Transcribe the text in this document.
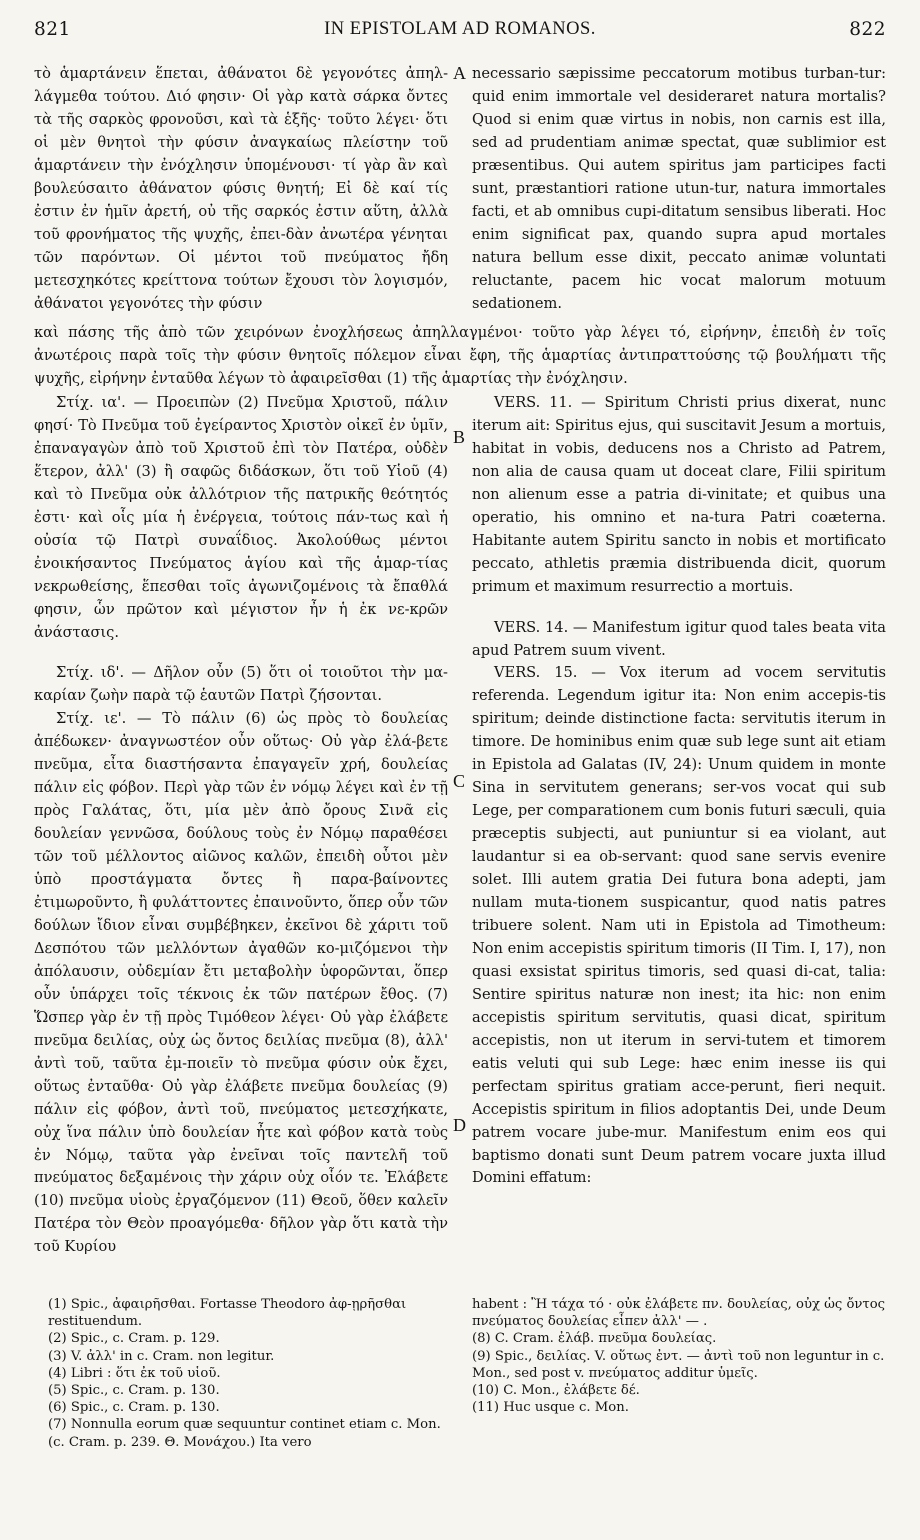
821	IN EPISTOLAM AD ROMANOS.	822

τὸ ἁμαρτάνειν ἕπεται, ἀθάνατοι δὲ γεγονότες ἀπηλ-λάγμεθα τούτου. Διό φησιν· Οἱ γὰρ κατὰ σάρκα ὄντες τὰ τῆς σαρκὸς φρονοῦσι, καὶ τὰ ἑξῆς· τοῦτο λέγει· ὅτι οἱ μὲν θνητοὶ τὴν φύσιν ἀναγκαίως πλείστην τοῦ ἁμαρτάνειν τὴν ἐνόχλησιν ὑπομένουσι· τί γὰρ ἂν καὶ βουλεύσαιτο ἀθάνατον φύσις θνητή; Εἰ δὲ καί τίς ἐστιν ἐν ἡμῖν ἀρετή, οὐ τῆς σαρκός ἐστιν αὕτη, ἀλλὰ τοῦ φρονήματος τῆς ψυχῆς, ἐπει-δὰν ἀνωτέρα γένηται τῶν παρόντων. Οἱ μέντοι τοῦ πνεύματος ἤδη μετεσχηκότες κρείττονα τούτων ἔχουσι τὸν λογισμόν, ἀθάνατοι γεγονότες τὴν φύσιν

necessario sæpissime peccatorum motibus turban-tur: quid enim immortale vel desideraret natura mortalis? Quod si enim quæ virtus in nobis, non carnis est illa, sed ad prudentiam animæ spectat, quæ sublimior est præsentibus. Qui autem spiritus jam participes facti sunt, præstantiori ratione utun-tur, natura immortales facti, et ab omnibus cupi-ditatum sensibus liberati. Hoc enim significat pax, quando supra apud mortales natura bellum esse dixit, peccato animæ voluntati reluctante, pacem hic vocat malorum motuum sedationem.

καὶ πάσης τῆς ἀπὸ τῶν χειρόνων ἐνοχλήσεως ἀπηλλαγμένοι· τοῦτο γὰρ λέγει τό, εἰρήνην, ἐπειδὴ ἐν τοῖς ἀνωτέροις παρὰ τοῖς τὴν φύσιν θνητοῖς πόλεμον εἶναι ἔφη, τῆς ἁμαρτίας ἀντιπραττούσης τῷ βουλήματι τῆς ψυχῆς, εἰρήνην ἐνταῦθα λέγων τὸ ἀφαιρεῖσθαι (1) τῆς ἁμαρτίας τὴν ἐνόχλησιν.

Στίχ. ια'. — Προειπὼν (2) Πνεῦμα Χριστοῦ, πάλιν φησί· Τὸ Πνεῦμα τοῦ ἐγείραντος Χριστὸν οἰκεῖ ἐν ὑμῖν, ἐπαναγαγὼν ἀπὸ τοῦ Χριστοῦ ἐπὶ τὸν Πατέρα, οὐδὲν ἕτερον, ἀλλ' (3) ἢ σαφῶς διδάσκων, ὅτι τοῦ Υἱοῦ (4) καὶ τὸ Πνεῦμα οὐκ ἀλλότριον τῆς πατρικῆς θεότητός ἐστι· καὶ οἷς μία ἡ ἐνέργεια, τούτοις πάν-τως καὶ ἡ οὐσία τῷ Πατρὶ συναΐδιος. Ἀκολούθως μέντοι ἐνοικήσαντος Πνεύματος ἁγίου καὶ τῆς ἁμαρ-τίας νεκρωθείσης, ἕπεσθαι τοῖς ἀγωνιζομένοις τὰ ἔπαθλά φησιν, ὧν πρῶτον καὶ μέγιστον ἦν ἡ ἐκ νε-κρῶν ἀνάστασις.

Στίχ. ιδ'. — Δῆλον οὖν (5) ὅτι οἱ τοιοῦτοι τὴν μα-καρίαν ζωὴν παρὰ τῷ ἑαυτῶν Πατρὶ ζήσονται.

Στίχ. ιε'. — Τὸ πάλιν (6) ὡς πρὸς τὸ δουλείας ἀπέδωκεν· ἀναγνωστέον οὖν οὕτως· Οὐ γὰρ ἐλά-βετε πνεῦμα, εἶτα διαστήσαντα ἐπαγαγεῖν χρή, δουλείας πάλιν εἰς φόβον. Περὶ γὰρ τῶν ἐν νόμῳ λέγει καὶ ἐν τῇ πρὸς Γαλάτας, ὅτι, μία μὲν ἀπὸ ὄρους Σινᾶ εἰς δουλείαν γεννῶσα, δούλους τοὺς ἐν Νόμῳ παραθέσει τῶν τοῦ μέλλοντος αἰῶνος καλῶν, ἐπειδὴ οὗτοι μὲν ὑπὸ προστάγματα ὄντες ἢ παρα-βαίνοντες ἐτιμωροῦντο, ἢ φυλάττοντες ἐπαινοῦντο, ὅπερ οὖν τῶν δούλων ἴδιον εἶναι συμβέβηκεν, ἐκεῖνοι δὲ χάριτι τοῦ Δεσπότου τῶν μελλόντων ἀγαθῶν κο-μιζόμενοι τὴν ἀπόλαυσιν, οὐδεμίαν ἔτι μεταβολὴν ὑφορῶνται, ὅπερ οὖν ὑπάρχει τοῖς τέκνοις ἐκ τῶν πατέρων ἔθος. (7) Ὥσπερ γὰρ ἐν τῇ πρὸς Τιμόθεον λέγει· Οὐ γὰρ ἐλάβετε πνεῦμα δειλίας, οὐχ ὡς ὄντος δειλίας πνεῦμα (8), ἀλλ' ἀντὶ τοῦ, ταῦτα ἐμ-ποιεῖν τὸ πνεῦμα φύσιν οὐκ ἔχει, οὕτως ἐνταῦθα· Οὐ γὰρ ἐλάβετε πνεῦμα δουλείας (9) πάλιν εἰς φόβον, ἀντὶ τοῦ, πνεύματος μετεσχήκατε, οὐχ ἵνα πάλιν ὑπὸ δουλείαν ἦτε καὶ φόβον κατὰ τοὺς ἐν Νόμῳ, ταῦτα γὰρ ἐνεῖναι τοῖς παντελῆ τοῦ πνεύματος δεξαμένοις τὴν χάριν οὐχ οἷόν τε. Ἐλάβετε (10) πνεῦμα υἱοὺς ἐργαζόμενον (11) Θεοῦ, ὅθεν καλεῖν Πατέρα τὸν Θεὸν προαγόμεθα· δῆλον γὰρ ὅτι κατὰ τὴν τοῦ Κυρίου

VERS. 11. — Spiritum Christi prius dixerat, nunc iterum ait: Spiritus ejus, qui suscitavit Jesum a mortuis, habitat in vobis, deducens nos a Christo ad Patrem, non alia de causa quam ut doceat clare, Filii spiritum non alienum esse a patria di-vinitate; et quibus una operatio, his omnino et na-tura Patri coæterna. Habitante autem Spiritu sancto in nobis et mortificato peccato, athletis præmia distribuenda dicit, quorum primum et maximum resurrectio a mortuis.

VERS. 14. — Manifestum igitur quod tales beata vita apud Patrem suum vivent.

VERS. 15. — Vox iterum ad vocem servitutis referenda. Legendum igitur ita: Non enim accepis-tis spiritum; deinde distinctione facta: servitutis iterum in timore. De hominibus enim quæ sub lege sunt ait etiam in Epistola ad Galatas (IV, 24): Unum quidem in monte Sina in servitutem generans; ser-vos vocat qui sub Lege, per comparationem cum bonis futuri sæculi, quia præceptis subjecti, aut puniuntur si ea violant, aut laudantur si ea ob-servant: quod sane servis evenire solet. Illi autem gratia Dei futura bona adepti, jam nullam muta-tionem suspicantur, quod natis patres tribuere solent. Nam uti in Epistola ad Timotheum: Non enim accepistis spiritum timoris (II Tim. I, 17), non quasi exsistat spiritus timoris, sed quasi di-cat, talia: Sentire spiritus naturæ non inest; ita hic: non enim accepistis spiritum servitutis, quasi dicat, spiritum accepistis, non ut iterum in servi-tutem et timorem eatis veluti qui sub Lege: hæc enim inesse iis qui perfectam spiritus gratiam acce-perunt, fieri nequit. Accepistis spiritum in filios adoptantis Dei, unde Deum patrem vocare jube-mur. Manifestum enim eos qui baptismo donati sunt Deum patrem vocare juxta illud Domini effatum:

A
B
C
D

(1) Spic., ἀφαιρῆσθαι. Fortasse Theodoro ἀφ-ῃρῆσθαι restituendum.

(2) Spic., c. Cram. p. 129.

(3) V. ἀλλ' in c. Cram. non legitur.

(4) Libri : ὅτι ἐκ τοῦ υἱοῦ.

(5) Spic., c. Cram. p. 130.

(6) Spic., c. Cram. p. 130.

(7) Nonnulla eorum quæ sequuntur continet etiam c. Mon. (c. Cram. p. 239. Θ. Μονάχου.) Ita vero

habent : Ἢ τάχα τό · οὐκ ἐλάβετε πν. δουλείας, οὐχ ὡς ὄντος πνεύματος δουλείας εἶπεν ἀλλ' — .

(8) C. Cram. ἐλάβ. πνεῦμα δουλείας.

(9) Spic., δειλίας. V. οὕτως ἐντ. — ἀντὶ τοῦ non leguntur in c. Mon., sed post v. πνεύματος additur ὑμεῖς.

(10) C. Mon., ἐλάβετε δέ.

(11) Huc usque c. Mon.
